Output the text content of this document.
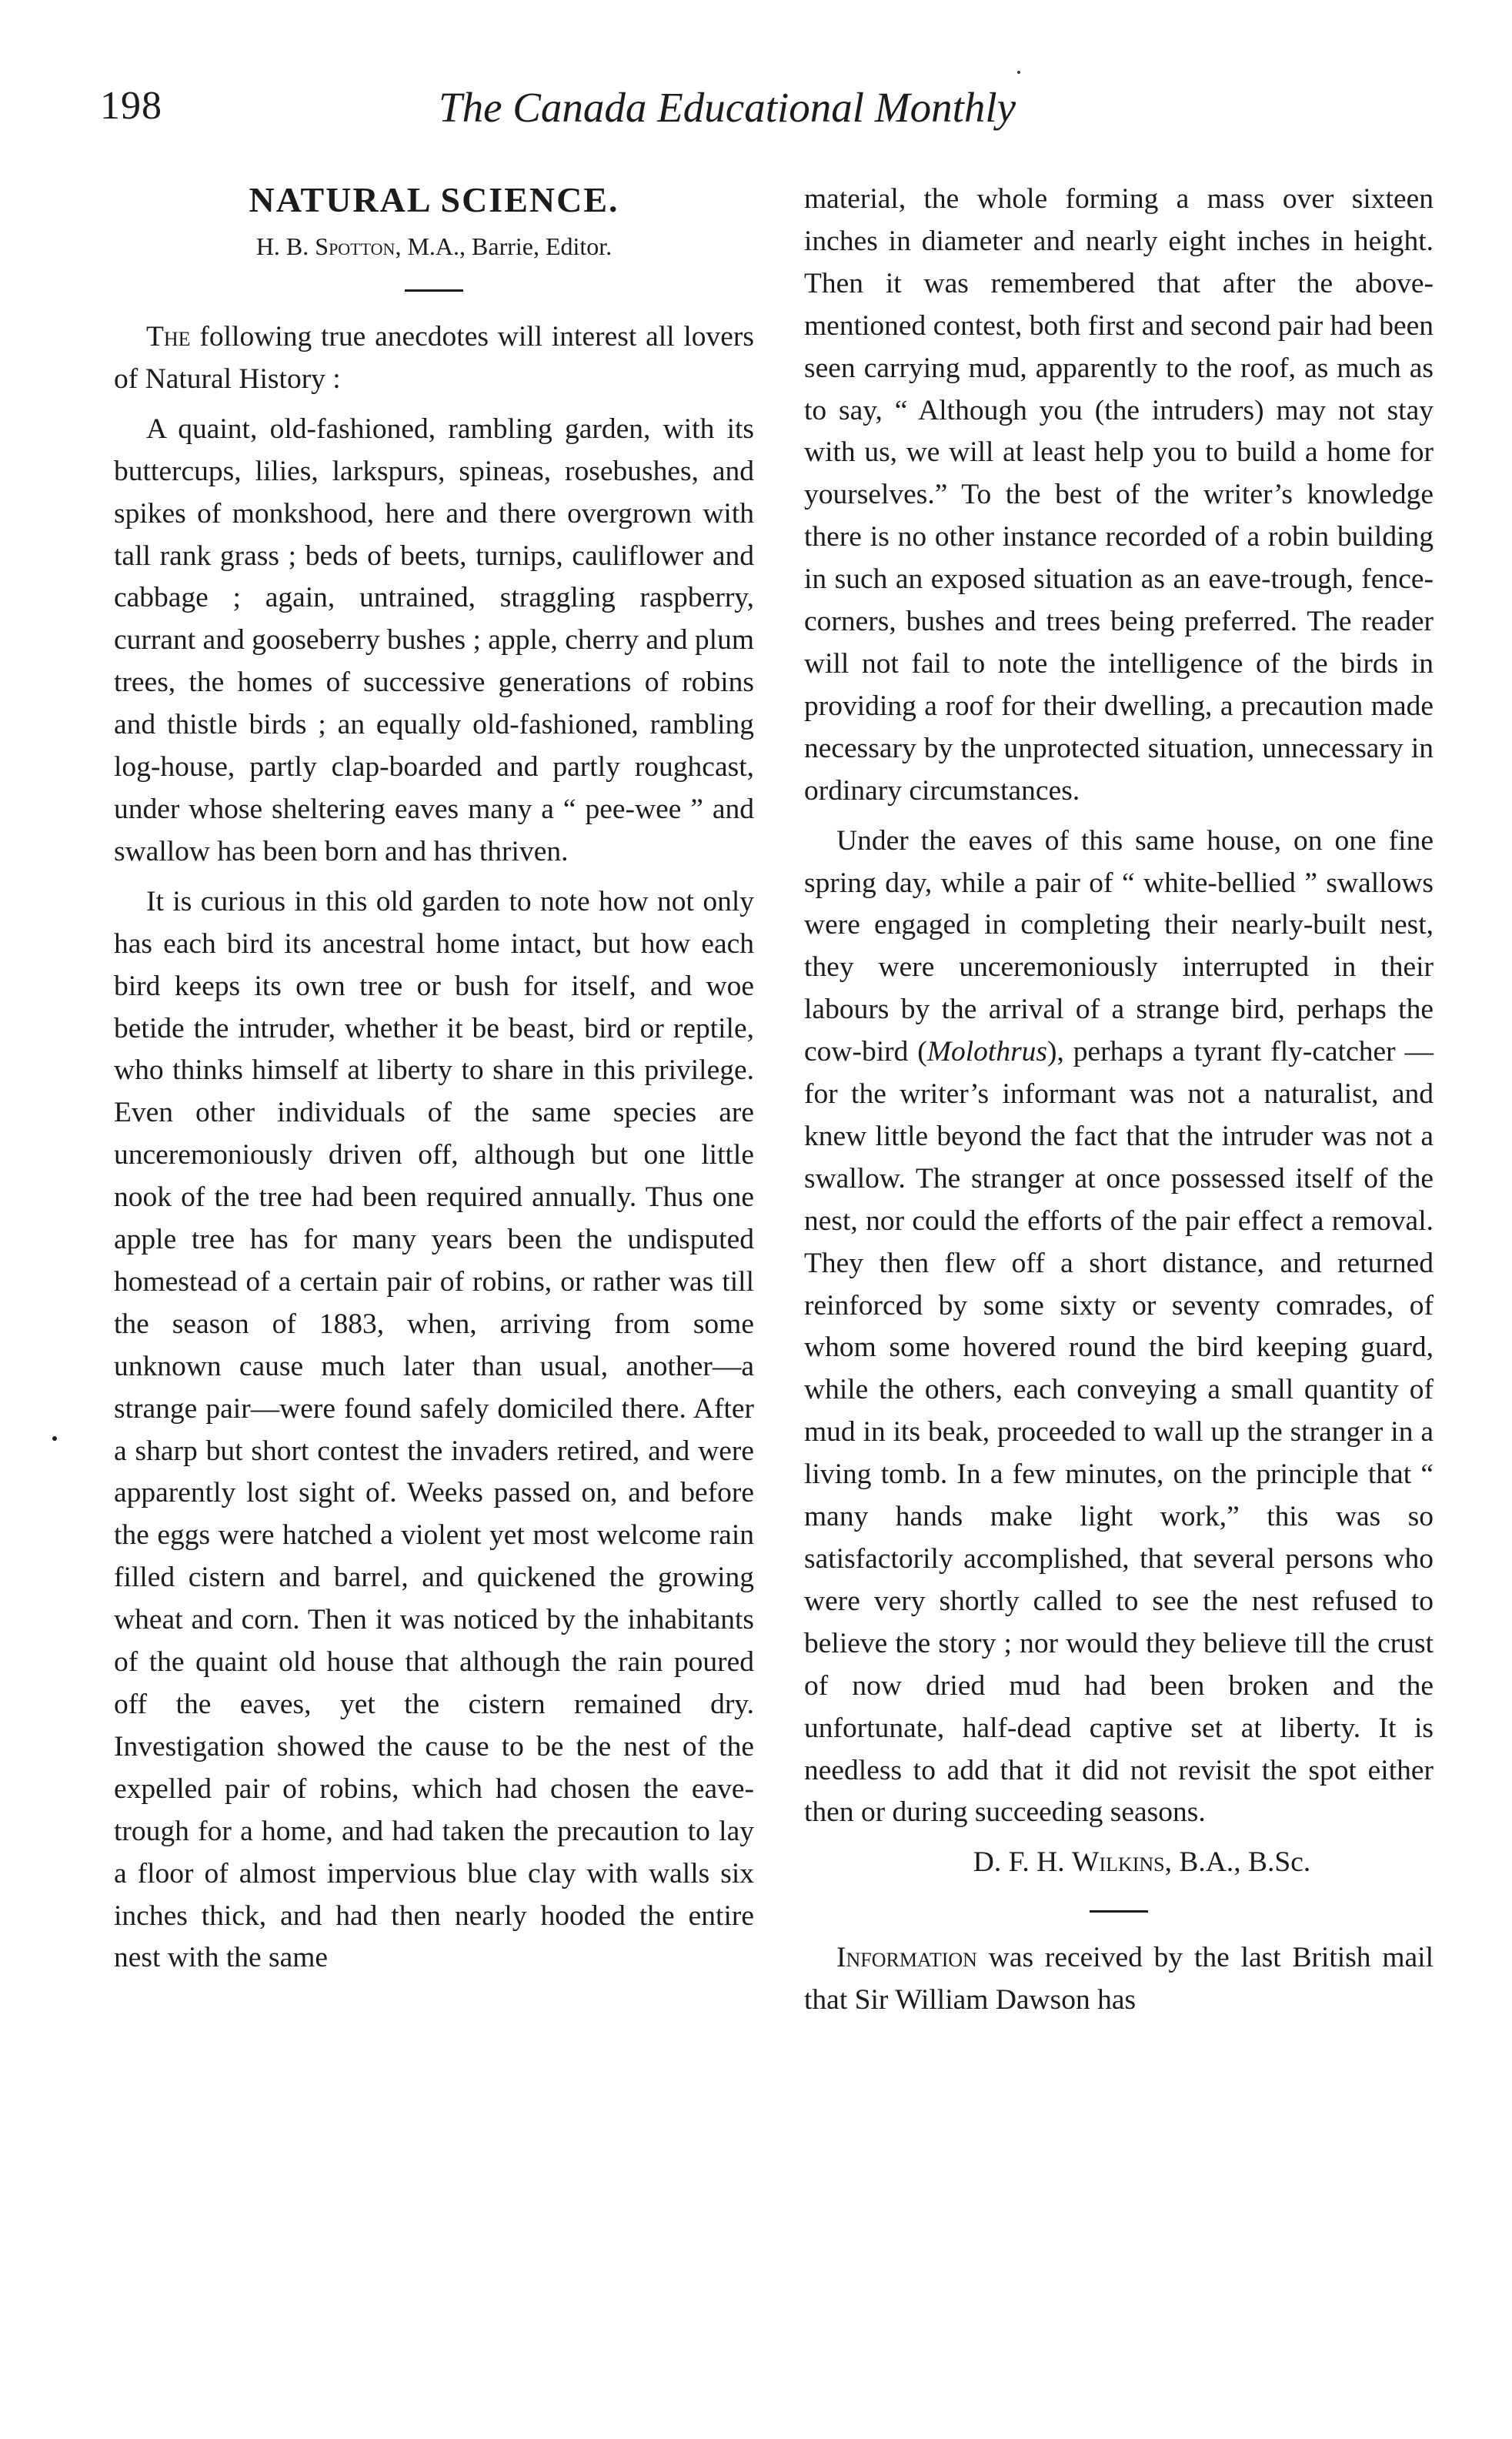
198	The Canada Educational Monthly
NATURAL SCIENCE.

H. B. Spotton, M.A., Barrie, Editor.

The following true anecdotes will interest all lovers of Natural History :

A quaint, old-fashioned, rambling garden, with its buttercups, lilies, larkspurs, spineas, rosebushes, and spikes of monkshood, here and there overgrown with tall rank grass ; beds of beets, turnips, cauliflower and cabbage ; again, untrained, straggling raspberry, currant and gooseberry bushes ; apple, cherry and plum trees, the homes of successive generations of robins and thistle birds ; an equally old-fashioned, rambling log-house, partly clap-boarded and partly roughcast, under whose sheltering eaves many a “ pee-wee ” and swallow has been born and has thriven.

It is curious in this old garden to note how not only has each bird its ancestral home intact, but how each bird keeps its own tree or bush for itself, and woe betide the intruder, whether it be beast, bird or reptile, who thinks himself at liberty to share in this privilege. Even other individuals of the same species are unceremoniously driven off, although but one little nook of the tree had been required annually. Thus one apple tree has for many years been the undisputed homestead of a certain pair of robins, or rather was till the season of 1883, when, arriving from some unknown cause much later than usual, another—a strange pair—were found safely domiciled there. After a sharp but short contest the invaders retired, and were apparently lost sight of. Weeks passed on, and before the eggs were hatched a violent yet most welcome rain filled cistern and barrel, and quickened the growing wheat and corn. Then it was noticed by the inhabitants of the quaint old house that although the rain poured off the eaves, yet the cistern remained dry. Investigation showed the cause to be the nest of the expelled pair of robins, which had chosen the eave-trough for a home, and had taken the precaution to lay a floor of almost impervious blue clay with walls six inches thick, and had then nearly hooded the entire nest with the same

material, the whole forming a mass over sixteen inches in diameter and nearly eight inches in height. Then it was remembered that after the above-mentioned contest, both first and second pair had been seen carrying mud, apparently to the roof, as much as to say, “ Although you (the intruders) may not stay with us, we will at least help you to build a home for yourselves.” To the best of the writer’s knowledge there is no other instance recorded of a robin building in such an exposed situation as an eave-trough, fence-corners, bushes and trees being preferred. The reader will not fail to note the intelligence of the birds in providing a roof for their dwelling, a precaution made necessary by the unprotected situation, unnecessary in ordinary circumstances.

Under the eaves of this same house, on one fine spring day, while a pair of “ white-bellied ” swallows were engaged in completing their nearly-built nest, they were unceremoniously interrupted in their labours by the arrival of a strange bird, perhaps the cow-bird (Molothrus), perhaps a tyrant fly-catcher —for the writer’s informant was not a naturalist, and knew little beyond the fact that the intruder was not a swallow. The stranger at once possessed itself of the nest, nor could the efforts of the pair effect a removal. They then flew off a short distance, and returned reinforced by some sixty or seventy comrades, of whom some hovered round the bird keeping guard, while the others, each conveying a small quantity of mud in its beak, proceeded to wall up the stranger in a living tomb. In a few minutes, on the principle that “ many hands make light work,” this was so satisfactorily accomplished, that several persons who were very shortly called to see the nest refused to believe the story ; nor would they believe till the crust of now dried mud had been broken and the unfortunate, half-dead captive set at liberty. It is needless to add that it did not revisit the spot either then or during succeeding seasons.

D. F. H. Wilkins, B.A., B.Sc.

Information was received by the last British mail that Sir William Dawson has
